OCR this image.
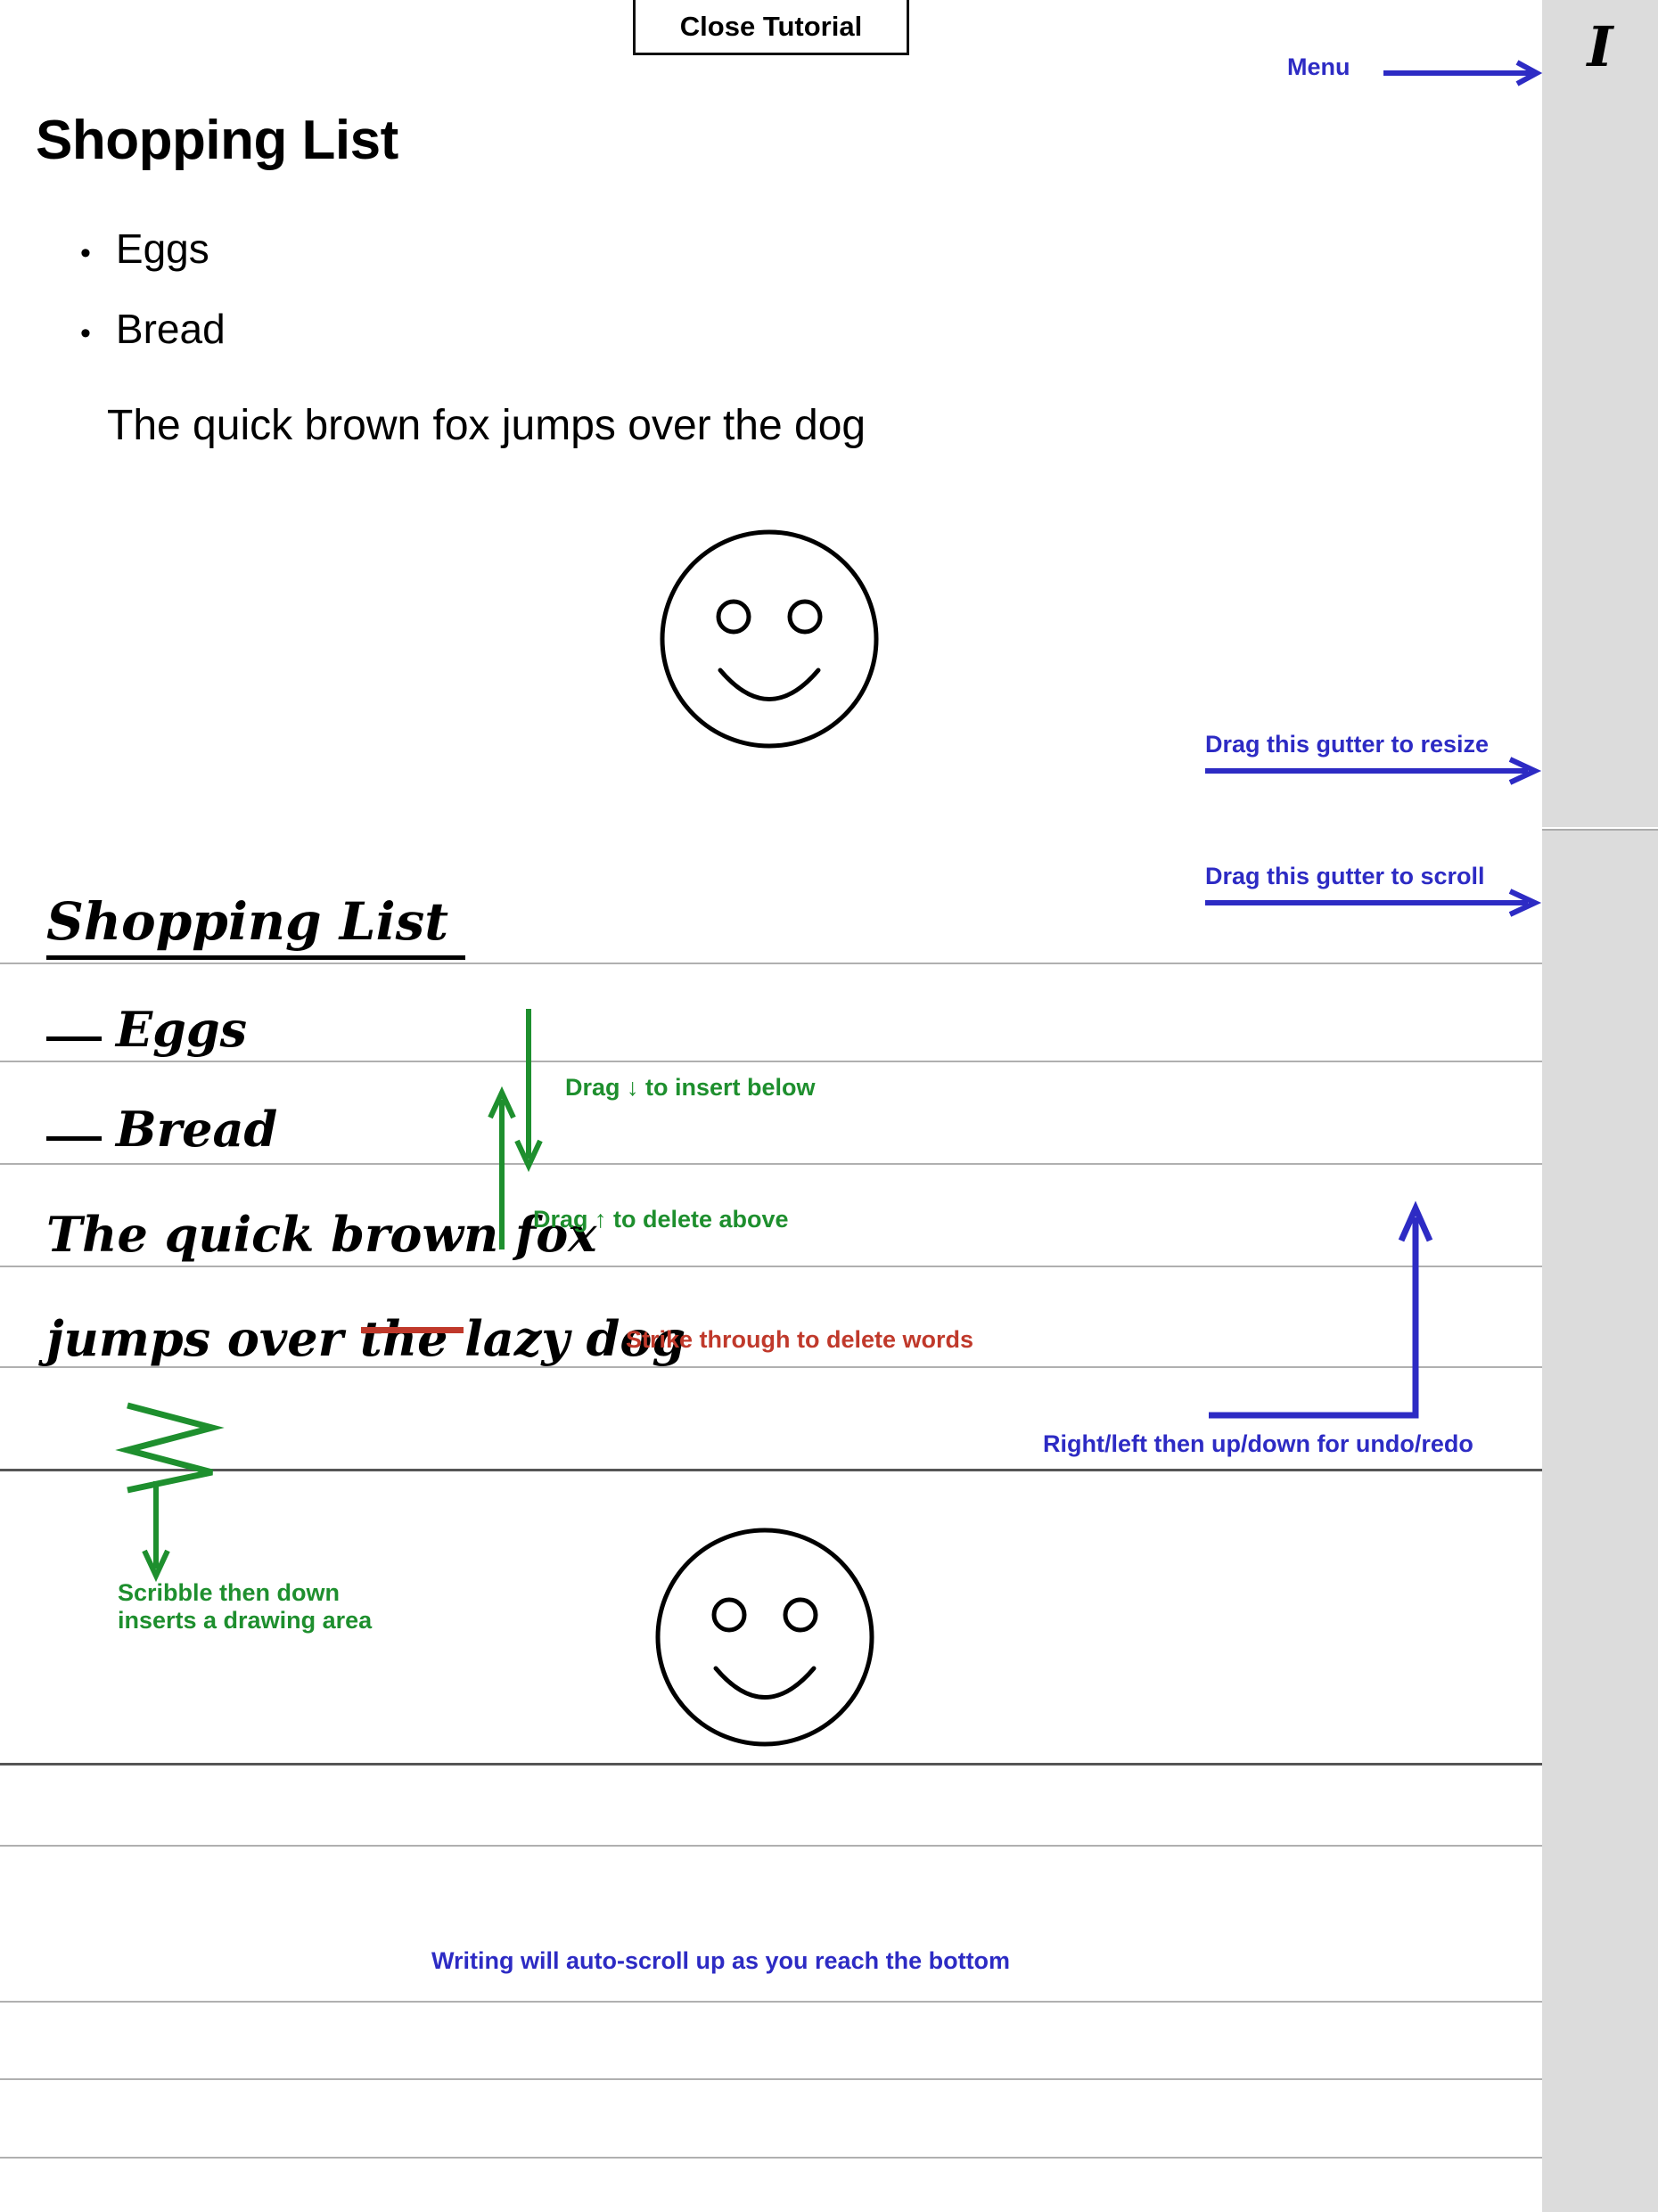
Close Tutorial
Shopping List
• Eggs
• Bread
The quick brown fox jumps over the dog
Shopping List
Eggs
Bread
The quick brown fox
jumps over the lazy dog
I
Menu
Drag this gutter to resize
Drag this gutter to scroll
Drag ↓ to insert below
Drag ↑ to delete above
Strike through to delete words
Right/left then up/down for undo/redo
Scribble then down
inserts a drawing area
Writing will auto-scroll up as you reach the bottom
